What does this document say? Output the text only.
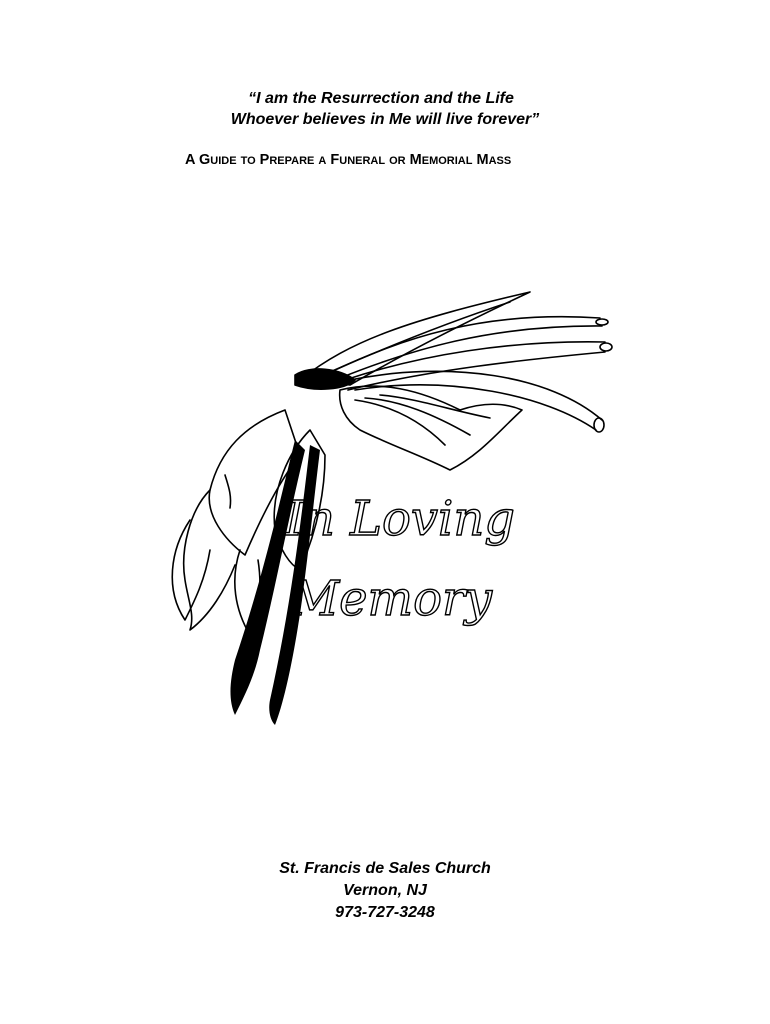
“I am the Resurrection and the Life
Whoever believes in Me will live forever”
A GUIDE TO PREPARE A FUNERAL OR MEMORIAL MASS
In Loving
Memory
St. Francis de Sales Church
Vernon, NJ
973-727-3248
